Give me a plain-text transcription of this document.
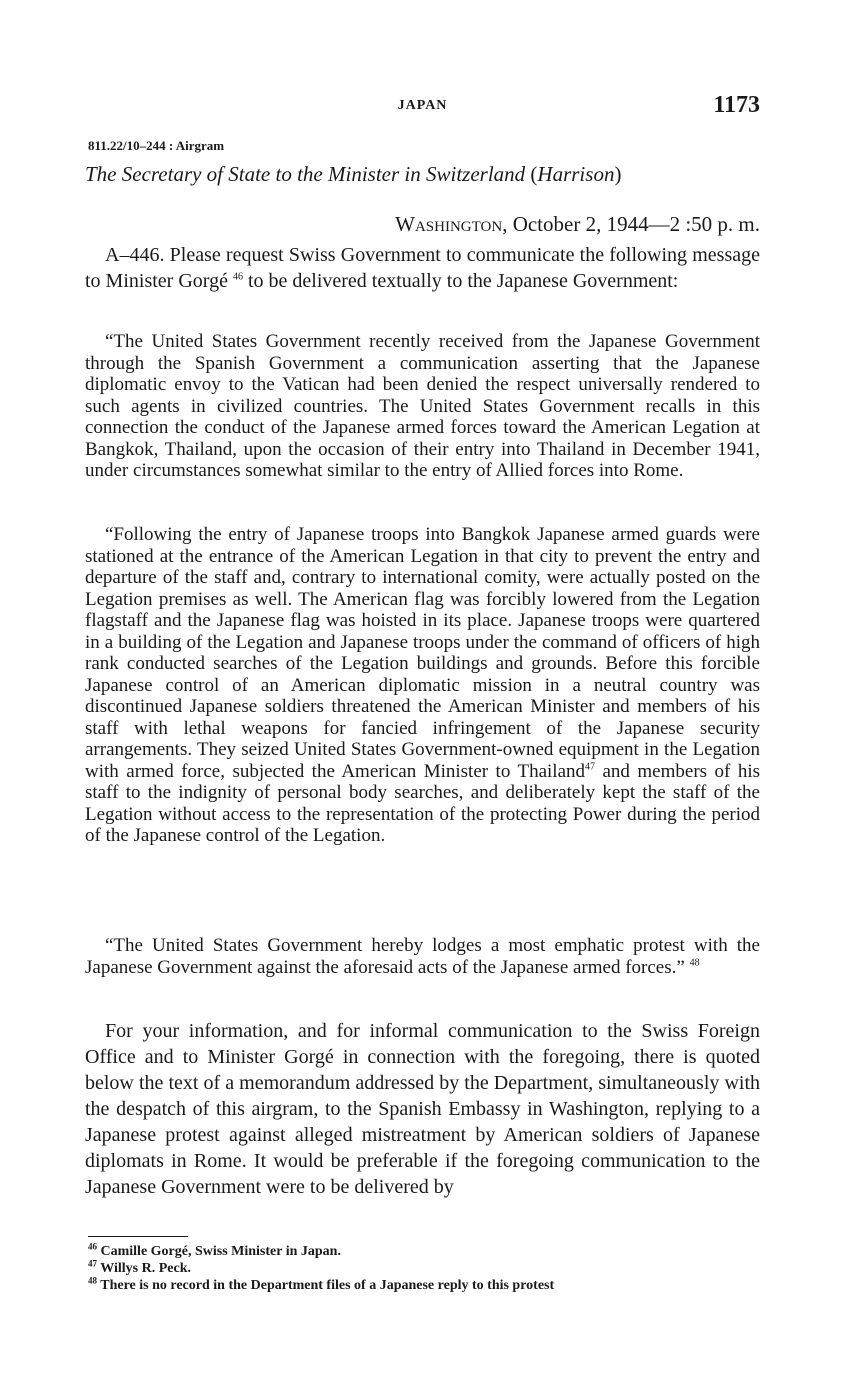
JAPAN	1173
811.22/10–244 : Airgram
The Secretary of State to the Minister in Switzerland (Harrison)
Washington, October 2, 1944—2 :50 p. m.

A–446. Please request Swiss Government to communicate the following message to Minister Gorgé $^{46}$ to be delivered textually to the Japanese Government:

“The United States Government recently received from the Japanese Government through the Spanish Government a communication asserting that the Japanese diplomatic envoy to the Vatican had been denied the respect universally rendered to such agents in civilized countries. The United States Government recalls in this connection the conduct of the Japanese armed forces toward the American Legation at Bangkok, Thailand, upon the occasion of their entry into Thailand in December 1941, under circumstances somewhat similar to the entry of Allied forces into Rome.

“Following the entry of Japanese troops into Bangkok Japanese armed guards were stationed at the entrance of the American Legation in that city to prevent the entry and departure of the staff and, contrary to international comity, were actually posted on the Legation premises as well. The American flag was forcibly lowered from the Legation flagstaff and the Japanese flag was hoisted in its place. Japanese troops were quartered in a building of the Legation and Japanese troops under the command of officers of high rank conducted searches of the Legation buildings and grounds. Before this forcible Japanese control of an American diplomatic mission in a neutral country was discontinued Japanese soldiers threatened the American Minister and members of his staff with lethal weapons for fancied infringement of the Japanese security arrangements. They seized United States Government-owned equipment in the Legation with armed force, subjected the American Minister to Thailand$^{47}$ and members of his staff to the indignity of personal body searches, and deliberately kept the staff of the Legation without access to the representation of the protecting Power during the period of the Japanese control of the Legation.

“The United States Government hereby lodges a most emphatic protest with the Japanese Government against the aforesaid acts of the Japanese armed forces.” $^{48}$

For your information, and for informal communication to the Swiss Foreign Office and to Minister Gorgé in connection with the foregoing, there is quoted below the text of a memorandum addressed by the Department, simultaneously with the despatch of this airgram, to the Spanish Embassy in Washington, replying to a Japanese protest against alleged mistreatment by American soldiers of Japanese diplomats in Rome. It would be preferable if the foregoing communication to the Japanese Government were to be delivered by

$^{46}$ Camille Gorgé, Swiss Minister in Japan.

$^{47}$ Willys R. Peck.

$^{48}$ There is no record in the Department files of a Japanese reply to this protest
